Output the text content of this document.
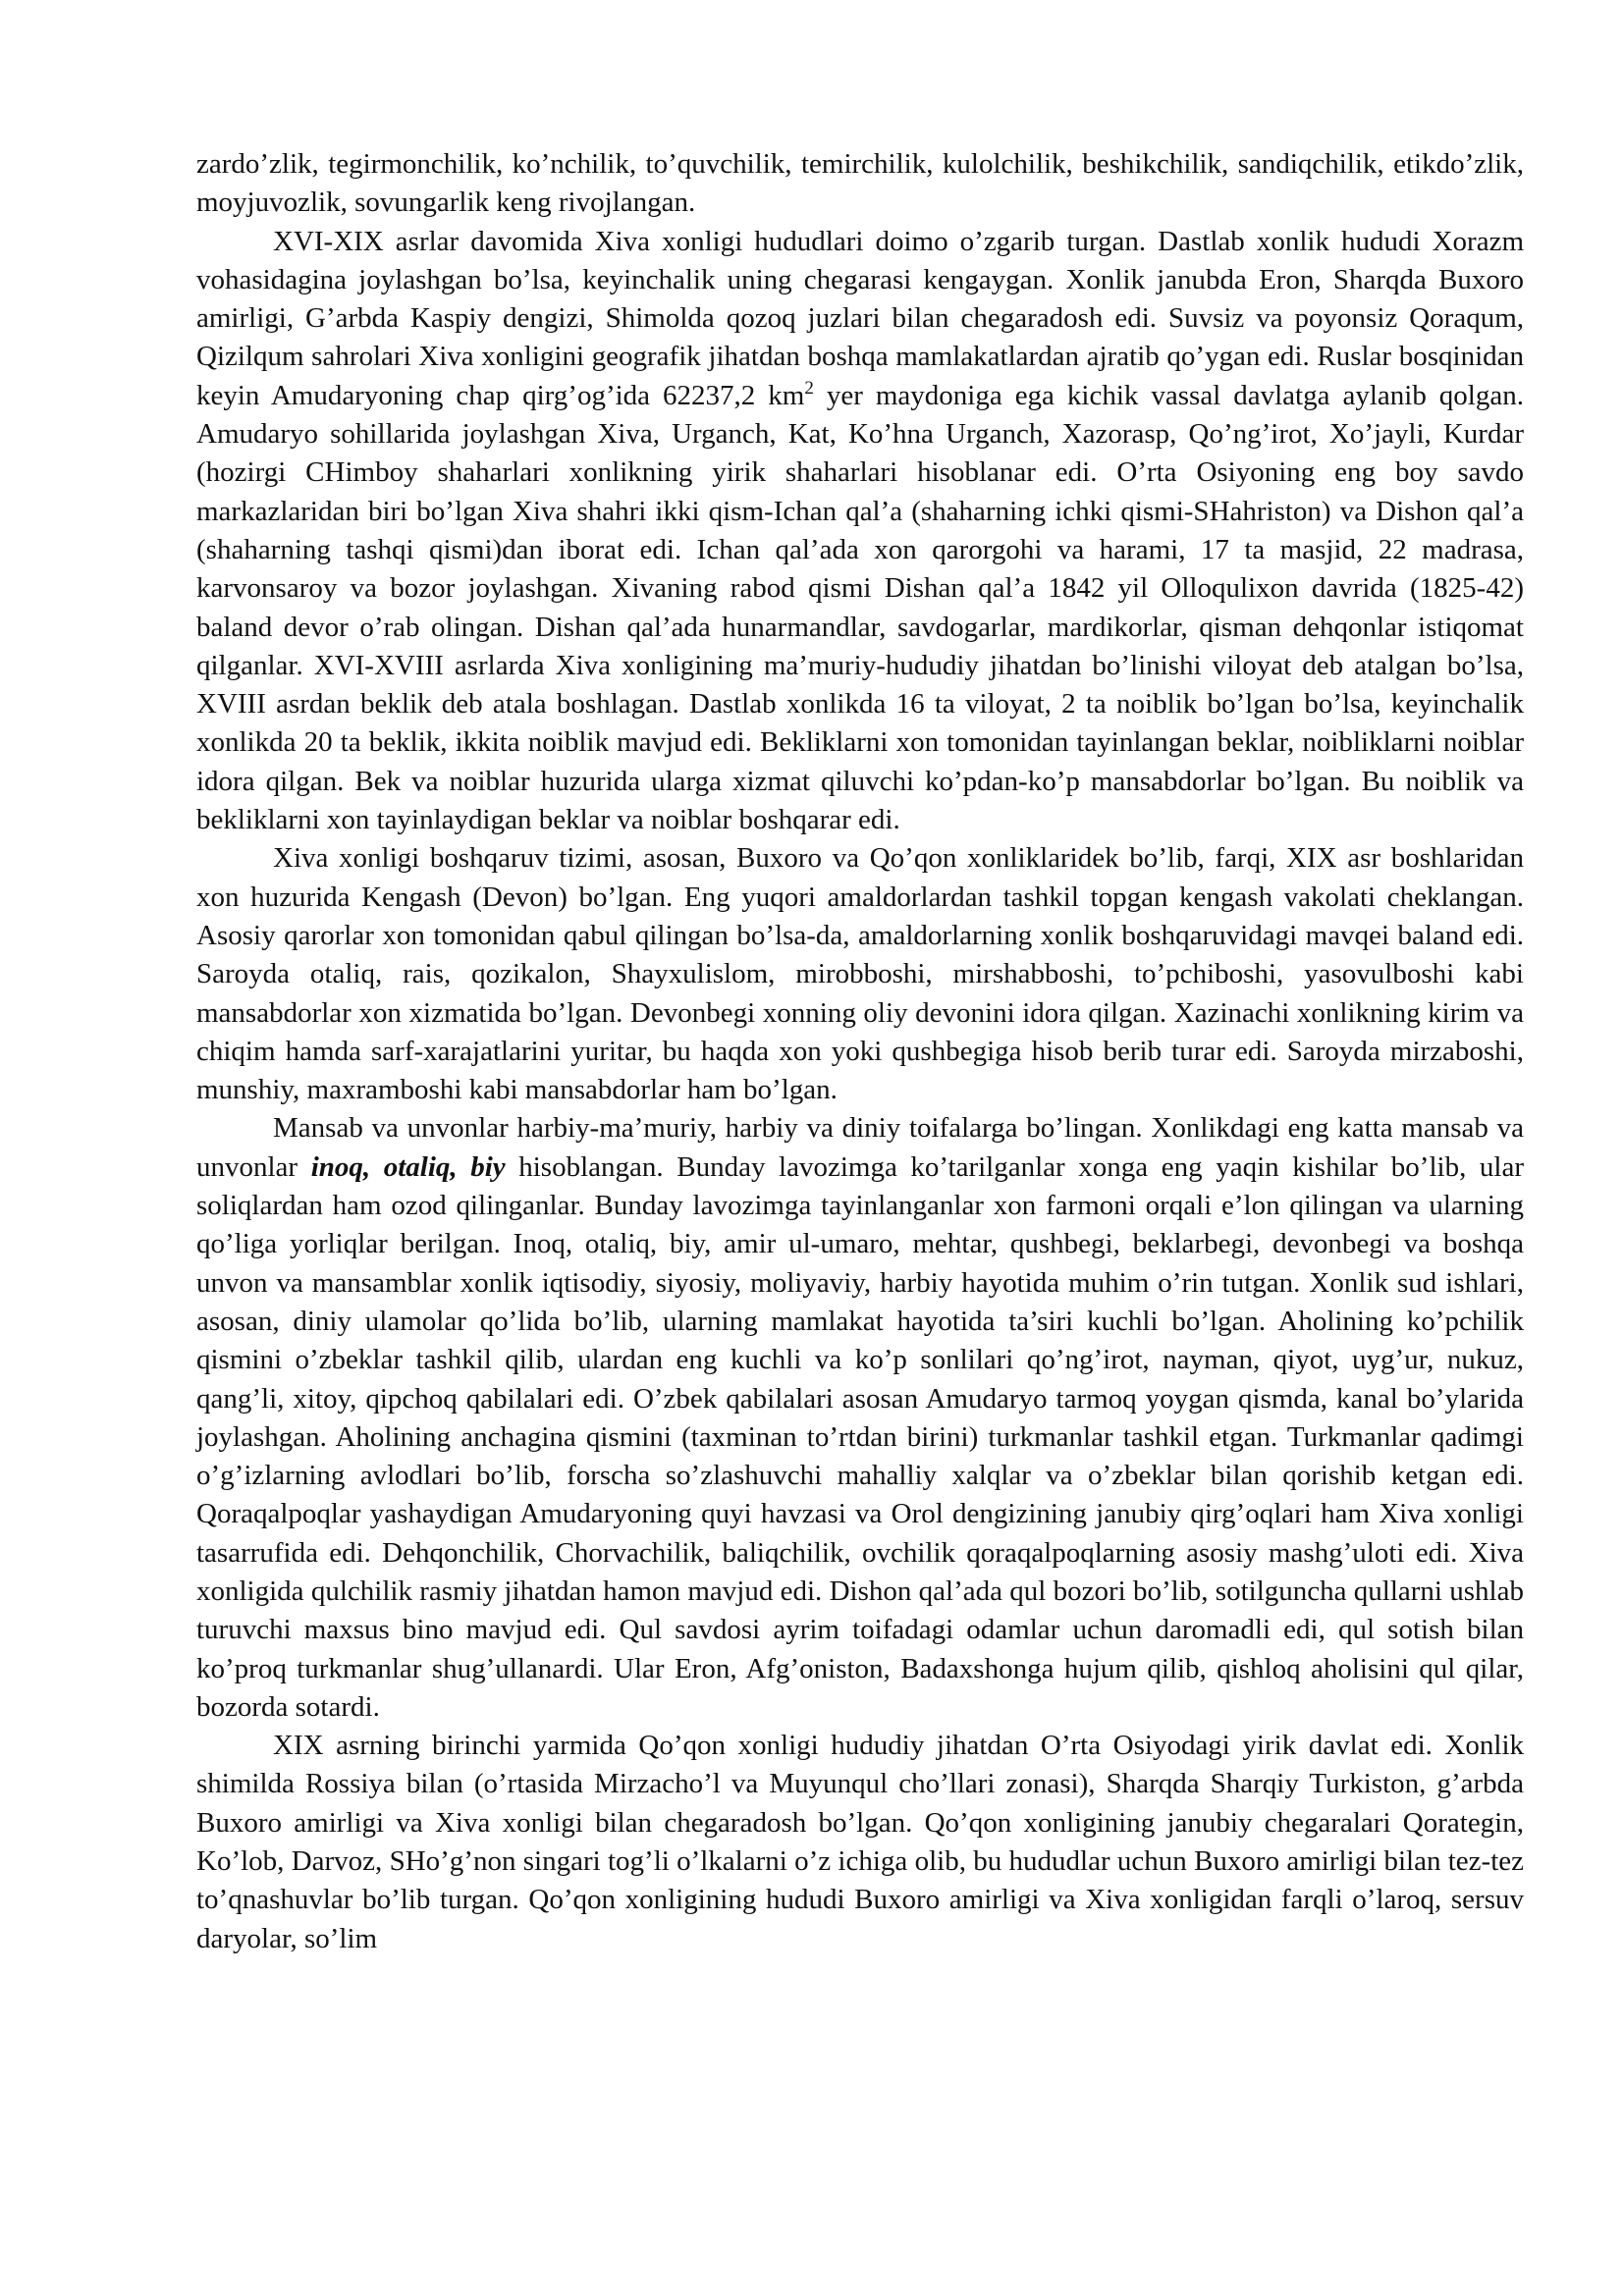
zardo’zlik, tegirmonchilik, ko’nchilik, to’quvchilik, temirchilik, kulolchilik, beshikchilik, sandiqchilik, etikdo’zlik, moyjuvozlik, sovungarlik keng rivojlangan.

XVI-XIX asrlar davomida Xiva xonligi hududlari doimo o’zgarib turgan. Dastlab xonlik hududi Xorazm vohasidagina joylashgan bo’lsa, keyinchalik uning chegarasi kengaygan. Xonlik janubda Eron, Sharqda Buxoro amirligi, G’arbda Kaspiy dengizi, Shimolda qozoq juzlari bilan chegaradosh edi. Suvsiz va poyonsiz Qoraqum, Qizilqum sahrolari Xiva xonligini geografik jihatdan boshqa mamlakatlardan ajratib qo’ygan edi. Ruslar bosqinidan keyin Amudaryoning chap qirg’og’ida 62237,2 $km^2$ yer maydoniga ega kichik vassal davlatga aylanib qolgan. Amudaryo sohillarida joylashgan Xiva, Urganch, Kat, Ko’hna Urganch, Xazorasp, Qo’ng’irot, Xo’jayli, Kurdar (hozirgi CHimboy shaharlari xonlikning yirik shaharlari hisoblanar edi. O’rta Osiyoning eng boy savdo markazlaridan biri bo’lgan Xiva shahri ikki qism-Ichan qal’a (shaharning ichki qismi-SHahriston) va Dishon qal’a (shaharning tashqi qismi)dan iborat edi. Ichan qal’ada xon qarorgohi va harami, 17 ta masjid, 22 madrasa, karvonsaroy va bozor joylashgan. Xivaning rabod qismi Dishan qal’a 1842 yil Olloqulixon davrida (1825-42) baland devor o’rab olingan. Dishan qal’ada hunarmandlar, savdogarlar, mardikorlar, qisman dehqonlar istiqomat qilganlar. XVI-XVIII asrlarda Xiva xonligining ma’muriy-hududiy jihatdan bo’linishi viloyat deb atalgan bo’lsa, XVIII asrdan beklik deb atala boshlagan. Dastlab xonlikda 16 ta viloyat, 2 ta noiblik bo’lgan bo’lsa, keyinchalik xonlikda 20 ta beklik, ikkita noiblik mavjud edi. Bekliklarni xon tomonidan tayinlangan beklar, noibliklarni noiblar idora qilgan. Bek va noiblar huzurida ularga xizmat qiluvchi ko’pdan-ko’p mansabdorlar bo’lgan. Bu noiblik va bekliklarni xon tayinlaydigan beklar va noiblar boshqarar edi.

Xiva xonligi boshqaruv tizimi, asosan, Buxoro va Qo’qon xonliklaridek bo’lib, farqi, XIX asr boshlaridan xon huzurida Kengash (Devon) bo’lgan. Eng yuqori amaldorlardan tashkil topgan kengash vakolati cheklangan. Asosiy qarorlar xon tomonidan qabul qilingan bo’lsa-da, amaldorlarning xonlik boshqaruvidagi mavqei baland edi. Saroyda otaliq, rais, qozikalon, Shayxulislom, mirobboshi, mirshabboshi, to’pchiboshi, yasovulboshi kabi mansabdorlar xon xizmatida bo’lgan. Devonbegi xonning oliy devonini idora qilgan. Xazinachi xonlikning kirim va chiqim hamda sarf-xarajatlarini yuritar, bu haqda xon yoki qushbegiga hisob berib turar edi. Saroyda mirzaboshi, munshiy, maxramboshi kabi mansabdorlar ham bo’lgan.

Mansab va unvonlar harbiy-ma’muriy, harbiy va diniy toifalarga bo’lingan. Xonlikdagi eng katta mansab va unvonlar inoq, otaliq, biy hisoblangan. Bunday lavozimga ko’tarilganlar xonga eng yaqin kishilar bo’lib, ular soliqlardan ham ozod qilinganlar. Bunday lavozimga tayinlanganlar xon farmoni orqali e’lon qilingan va ularning qo’liga yorliqlar berilgan. Inoq, otaliq, biy, amir ul-umaro, mehtar, qushbegi, beklarbegi, devonbegi va boshqa unvon va mansamblar xonlik iqtisodiy, siyosiy, moliyaviy, harbiy hayotida muhim o’rin tutgan. Xonlik sud ishlari, asosan, diniy ulamolar qo’lida bo’lib, ularning mamlakat hayotida ta’siri kuchli bo’lgan. Aholining ko’pchilik qismini o’zbeklar tashkil qilib, ulardan eng kuchli va ko’p sonlilari qo’ng’irot, nayman, qiyot, uyg’ur, nukuz, qang’li, xitoy, qipchoq qabilalari edi. O’zbek qabilalari asosan Amudaryo tarmoq yoygan qismda, kanal bo’ylarida joylashgan. Aholining anchagina qismini (taxminan to’rtdan birini) turkmanlar tashkil etgan. Turkmanlar qadimgi o’g’izlarning avlodlari bo’lib, forscha so’zlashuvchi mahalliy xalqlar va o’zbeklar bilan qorishib ketgan edi. Qoraqalpoqlar yashaydigan Amudaryoning quyi havzasi va Orol dengizining janubiy qirg’oqlari ham Xiva xonligi tasarrufida edi. Dehqonchilik, Chorvachilik, baliqchilik, ovchilik qoraqalpoqlarning asosiy mashg’uloti edi. Xiva xonligida qulchilik rasmiy jihatdan hamon mavjud edi. Dishon qal’ada qul bozori bo’lib, sotilguncha qullarni ushlab turuvchi maxsus bino mavjud edi. Qul savdosi ayrim toifadagi odamlar uchun daromadli edi, qul sotish bilan ko’proq turkmanlar shug’ullanardi. Ular Eron, Afg’oniston, Badaxshonga hujum qilib, qishloq aholisini qul qilar, bozorda sotardi.

XIX asrning birinchi yarmida Qo’qon xonligi hududiy jihatdan O’rta Osiyodagi yirik davlat edi. Xonlik shimilda Rossiya bilan (o’rtasida Mirzacho’l va Muyunqul cho’llari zonasi), Sharqda Sharqiy Turkiston, g’arbda Buxoro amirligi va Xiva xonligi bilan chegaradosh bo’lgan. Qo’qon xonligining janubiy chegaralari Qorategin, Ko’lob, Darvoz, SHo’g’non singari tog’li o’lkalarni o’z ichiga olib, bu hududlar uchun Buxoro amirligi bilan tez-tez to’qnashuvlar bo’lib turgan. Qo’qon xonligining hududi Buxoro amirligi va Xiva xonligidan farqli o’laroq, sersuv daryolar, so’lim
